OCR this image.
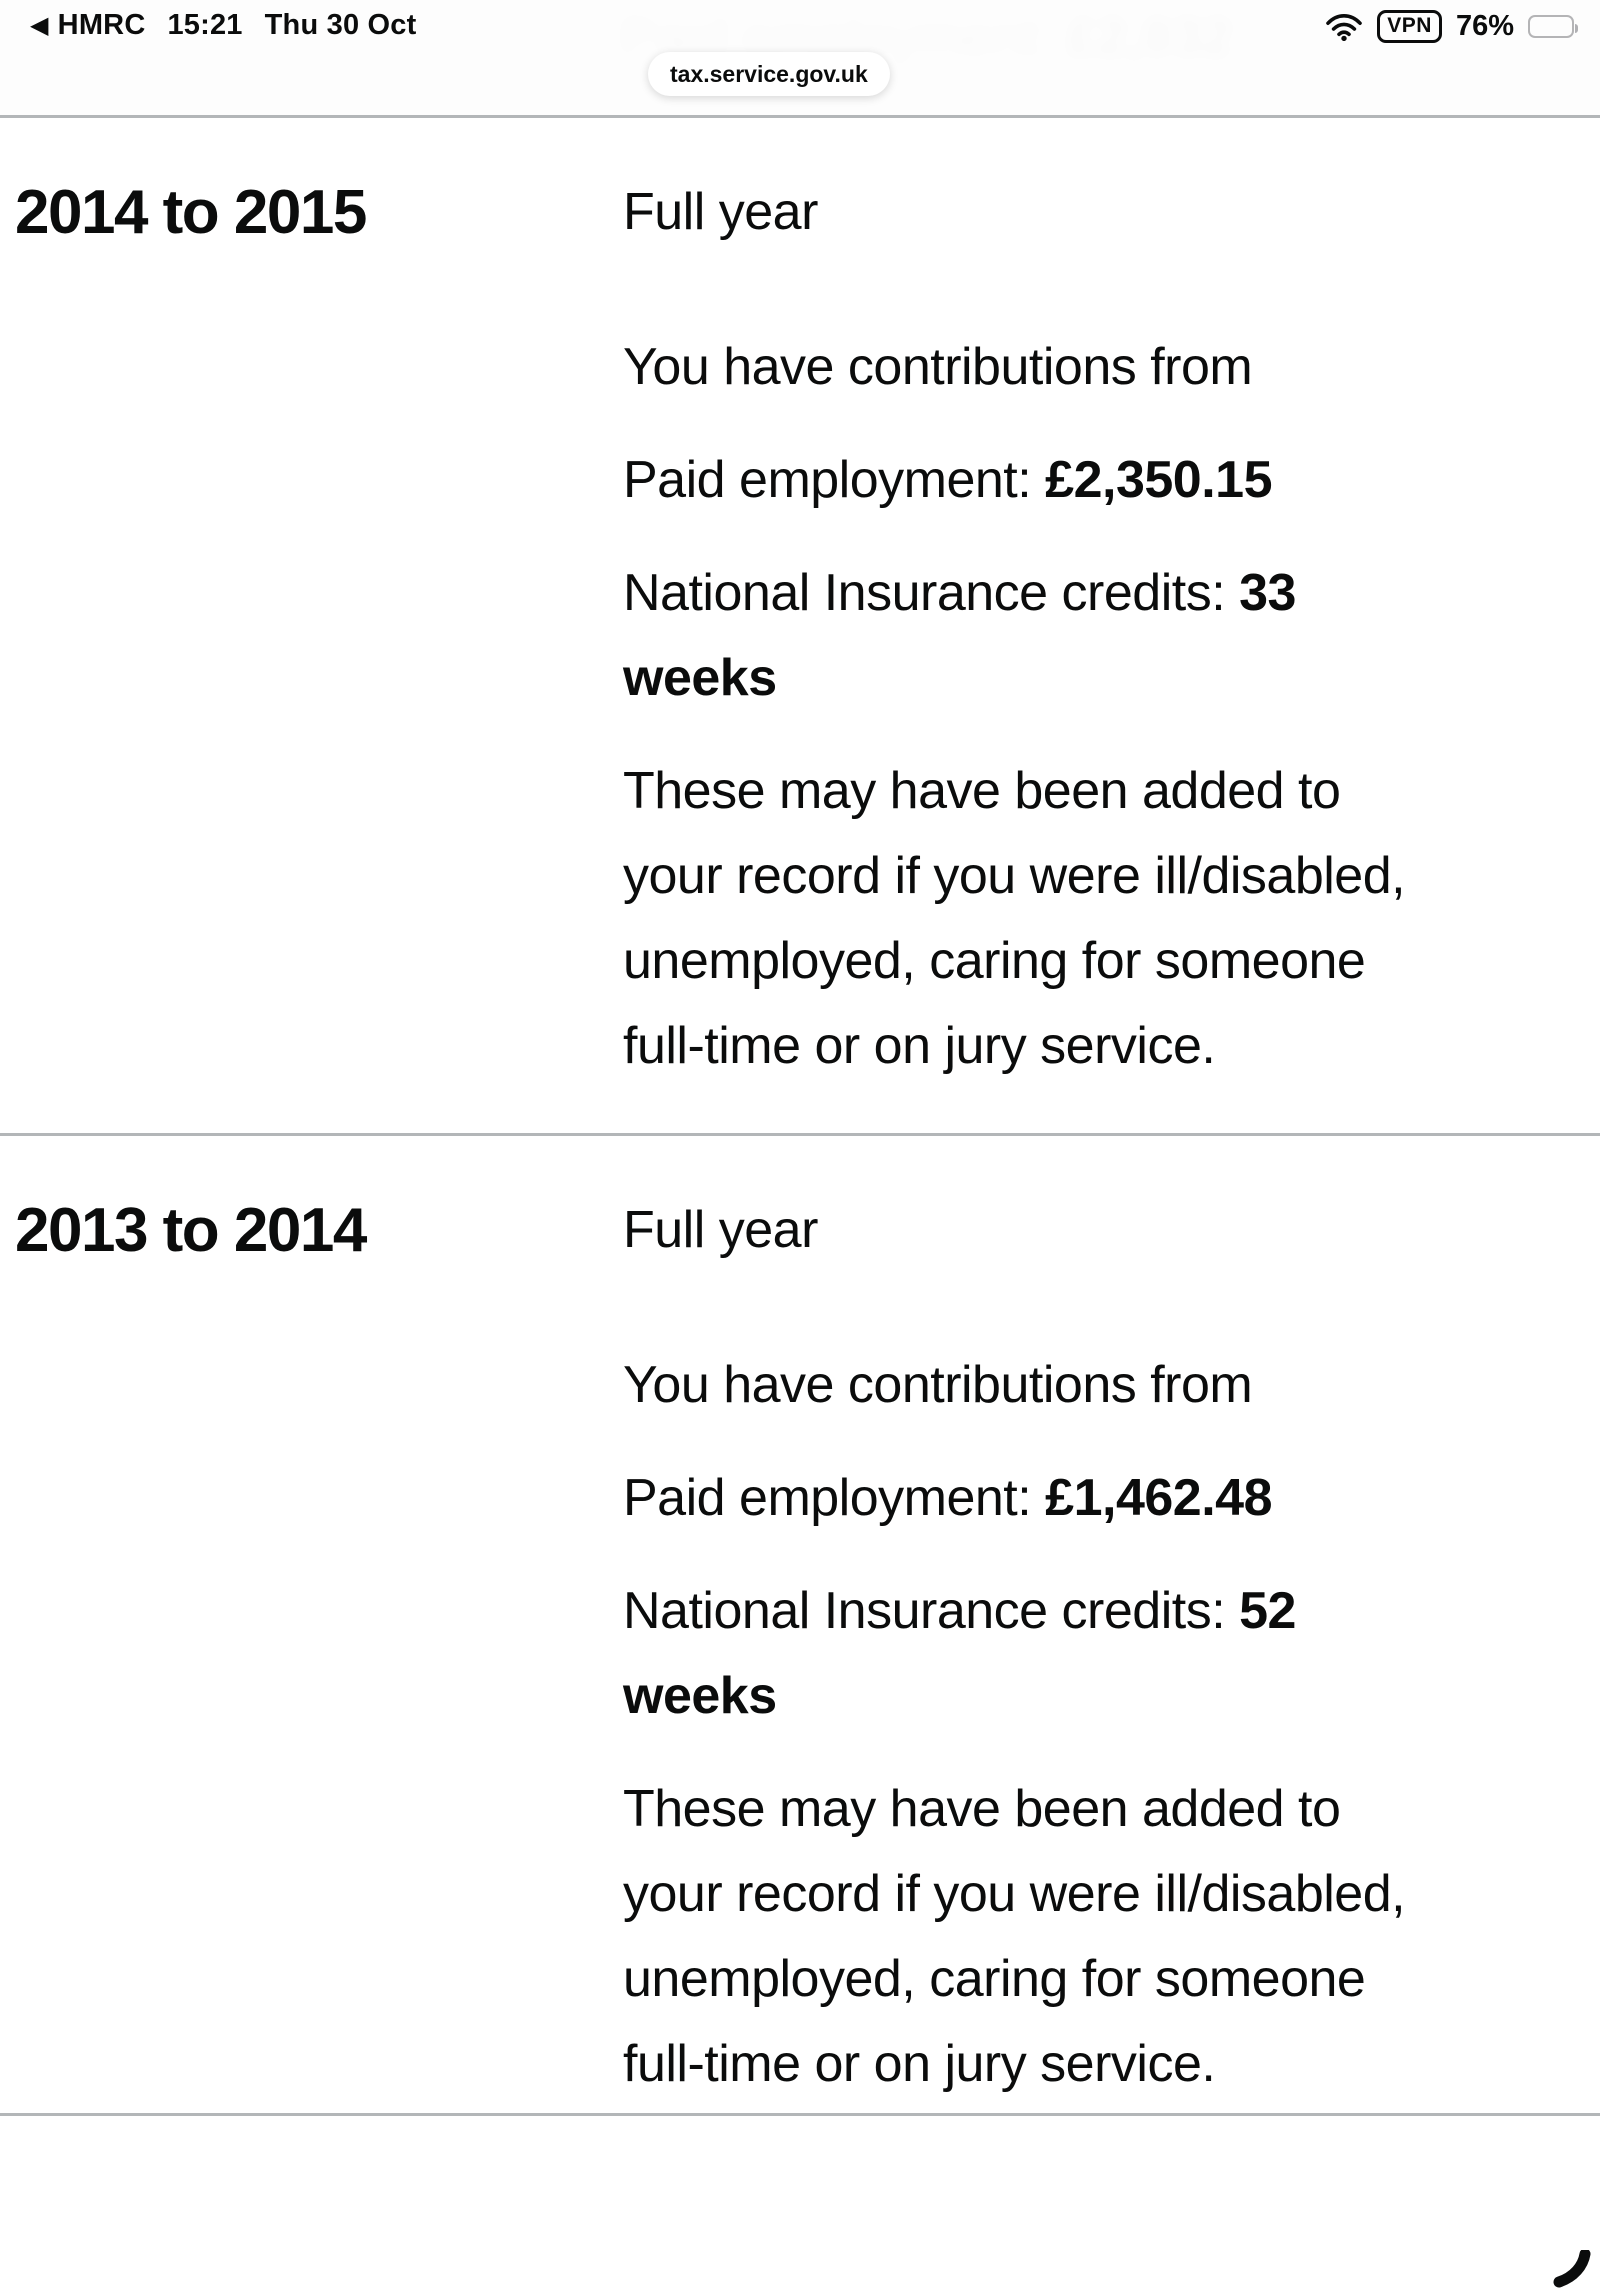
◀ HMRC 15:21 Thu 30 Oct	VPN 76%
tax.service.gov.uk
2014 to 2015	Full year
You have contributions from
Paid employment: £2,350.15
National Insurance credits: 33 weeks

These may have been added to your record if you were ill/disabled, unemployed, caring for someone full-time or on jury service.

2013 to 2014	Full year
You have contributions from
Paid employment: £1,462.48
National Insurance credits: 52 weeks

These may have been added to your record if you were ill/disabled, unemployed, caring for someone full-time or on jury service.
